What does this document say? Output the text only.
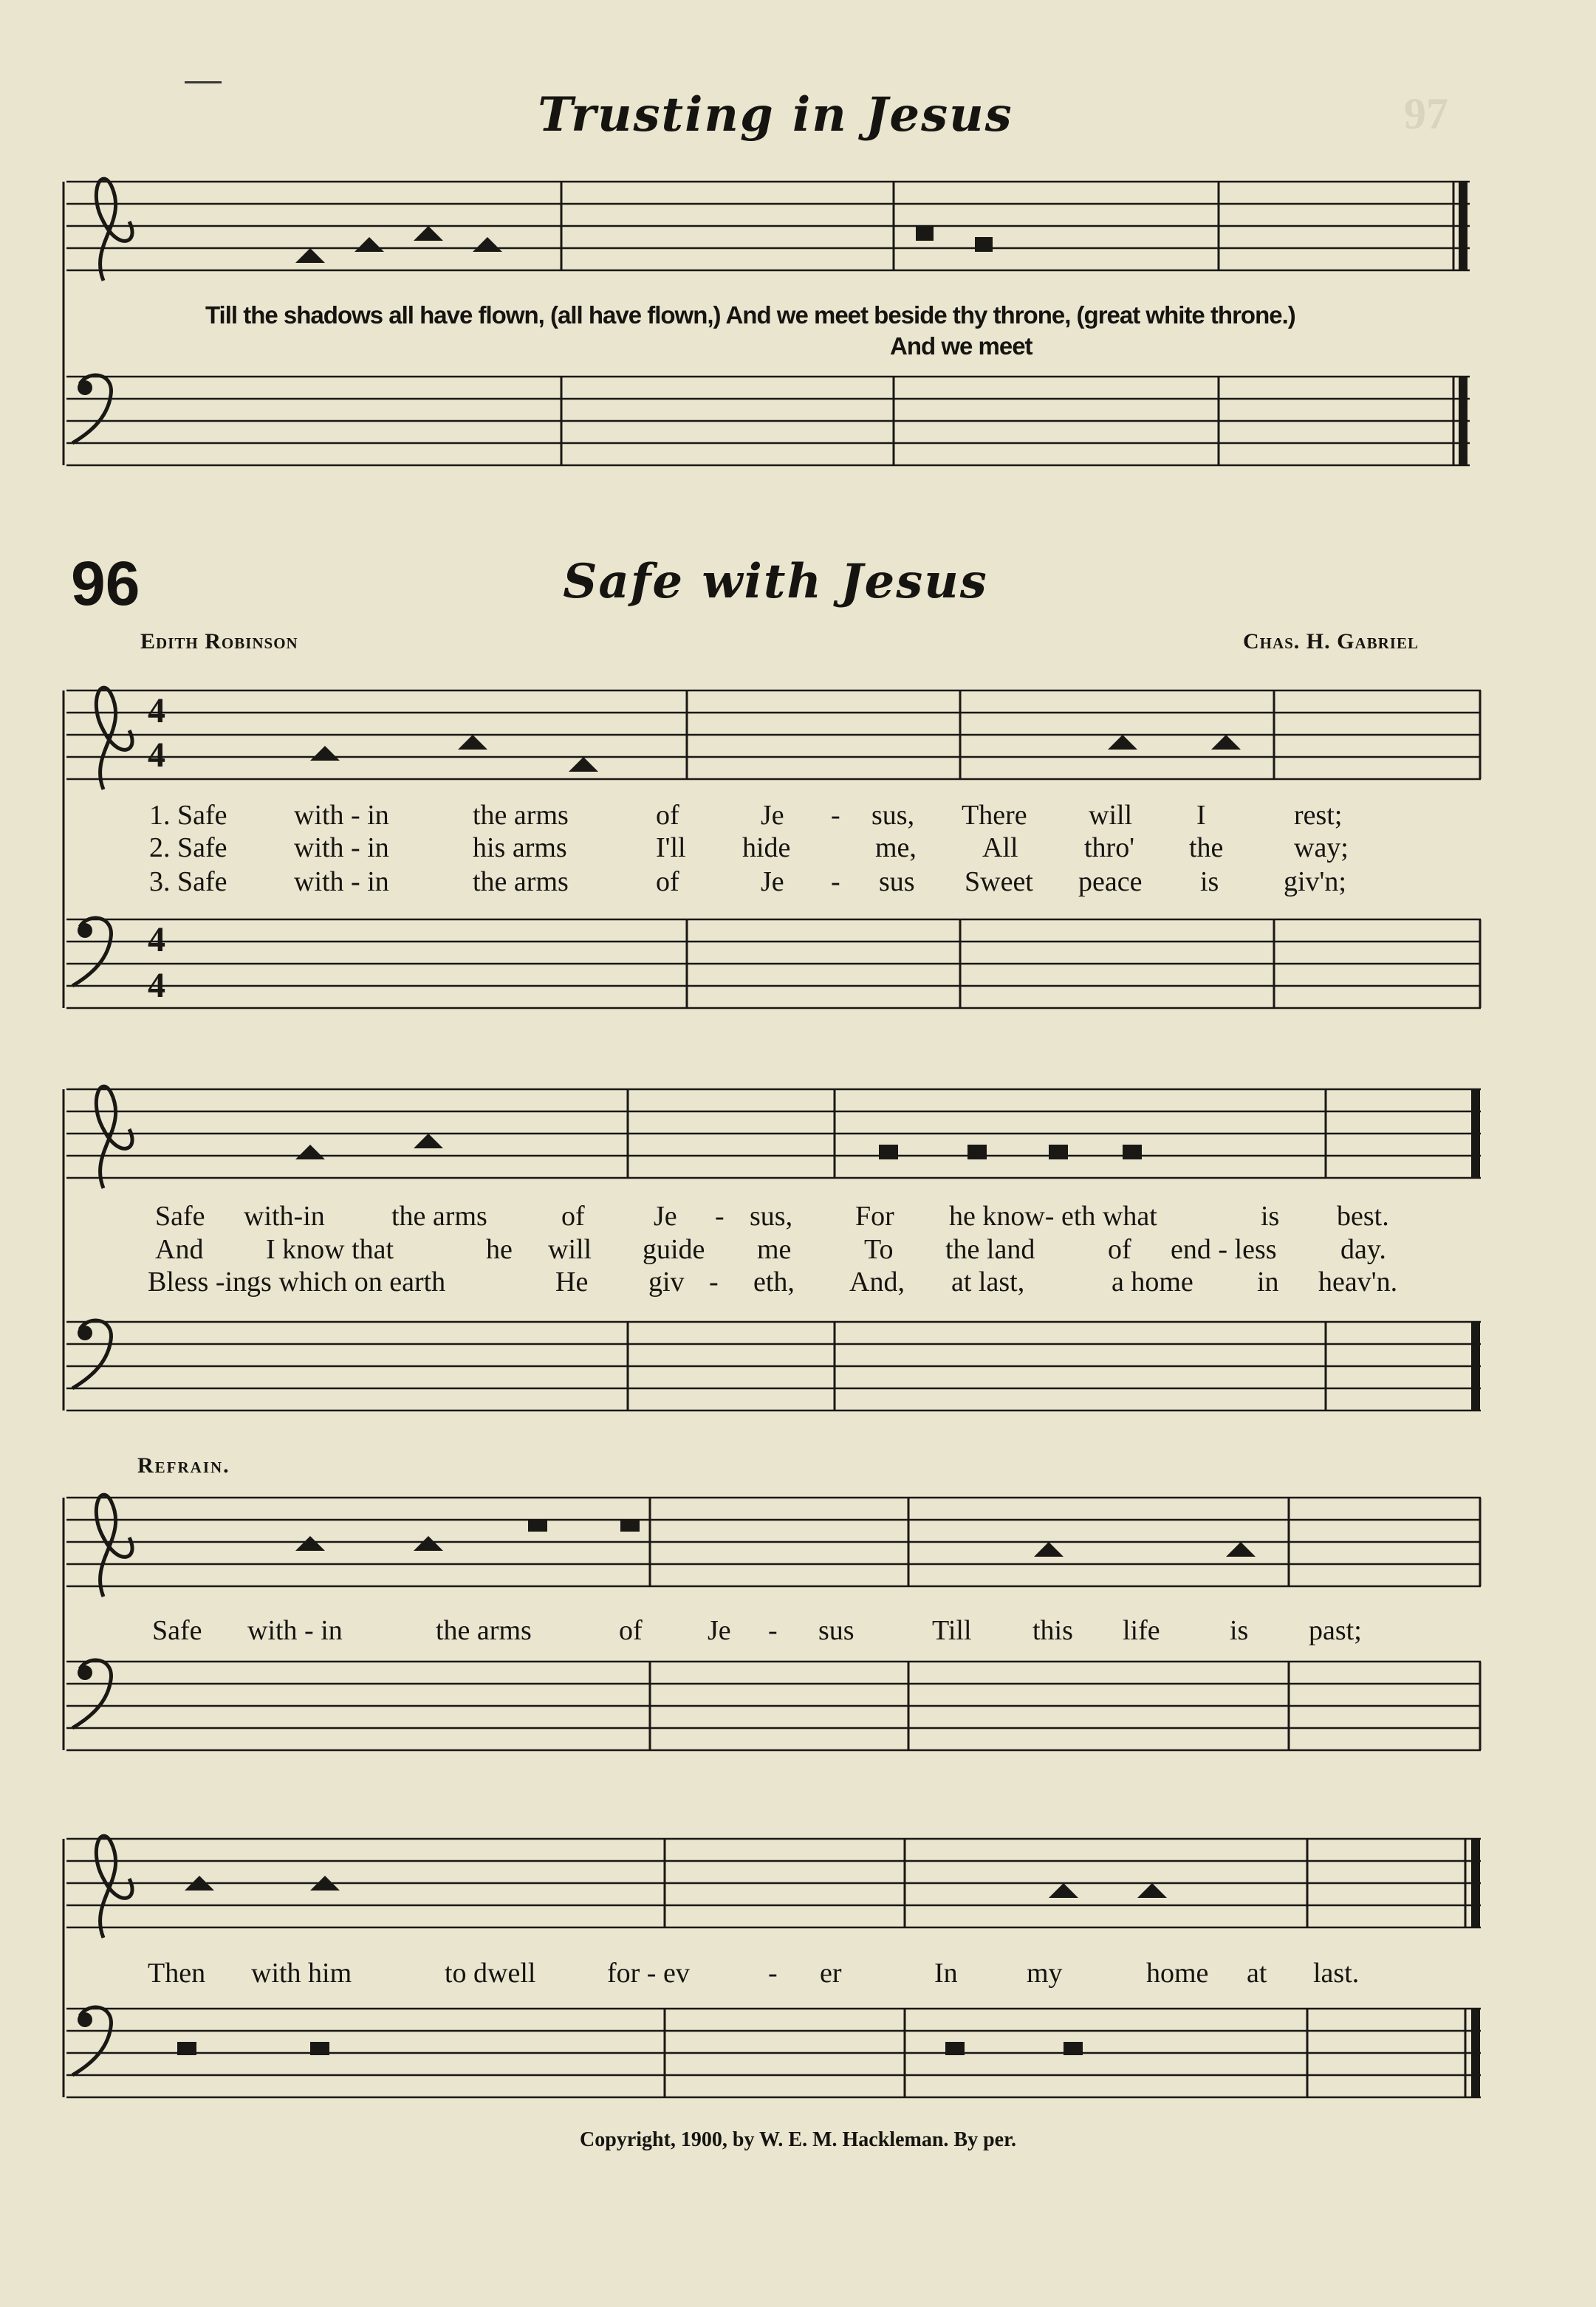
97
Trusting in Jesus
96	Safe with Jesus
Edith Robinson	Chas. H. Gabriel
Refrain.
4
4
4
4
Till the shadows all have flown, (all have flown,) And we meet beside thy throne, (great white throne.)
And we meet
1. Safe with - in	the arms	of	Je - sus, There will I	rest;
2. Safe with - in	his arms	I'll hide	me, All thro' the	way;
3. Safe with - in	the arms	of	Je - sus Sweet peace is giv'n;
Safe with-in the arms	of Je - sus, For he know- eth what	is best.
And I know that	he will guide me	To the land	of end - less day.
Bless -ings which on earth	He giv - eth, And, at last,	a home in heav'n.
Safe with - in	the arms	of Je - sus	Till this life is past;
Then with him	to dwell	for - ev	- er	In my	home at last.
Copyright, 1900, by W. E. M. Hackleman. By per.
